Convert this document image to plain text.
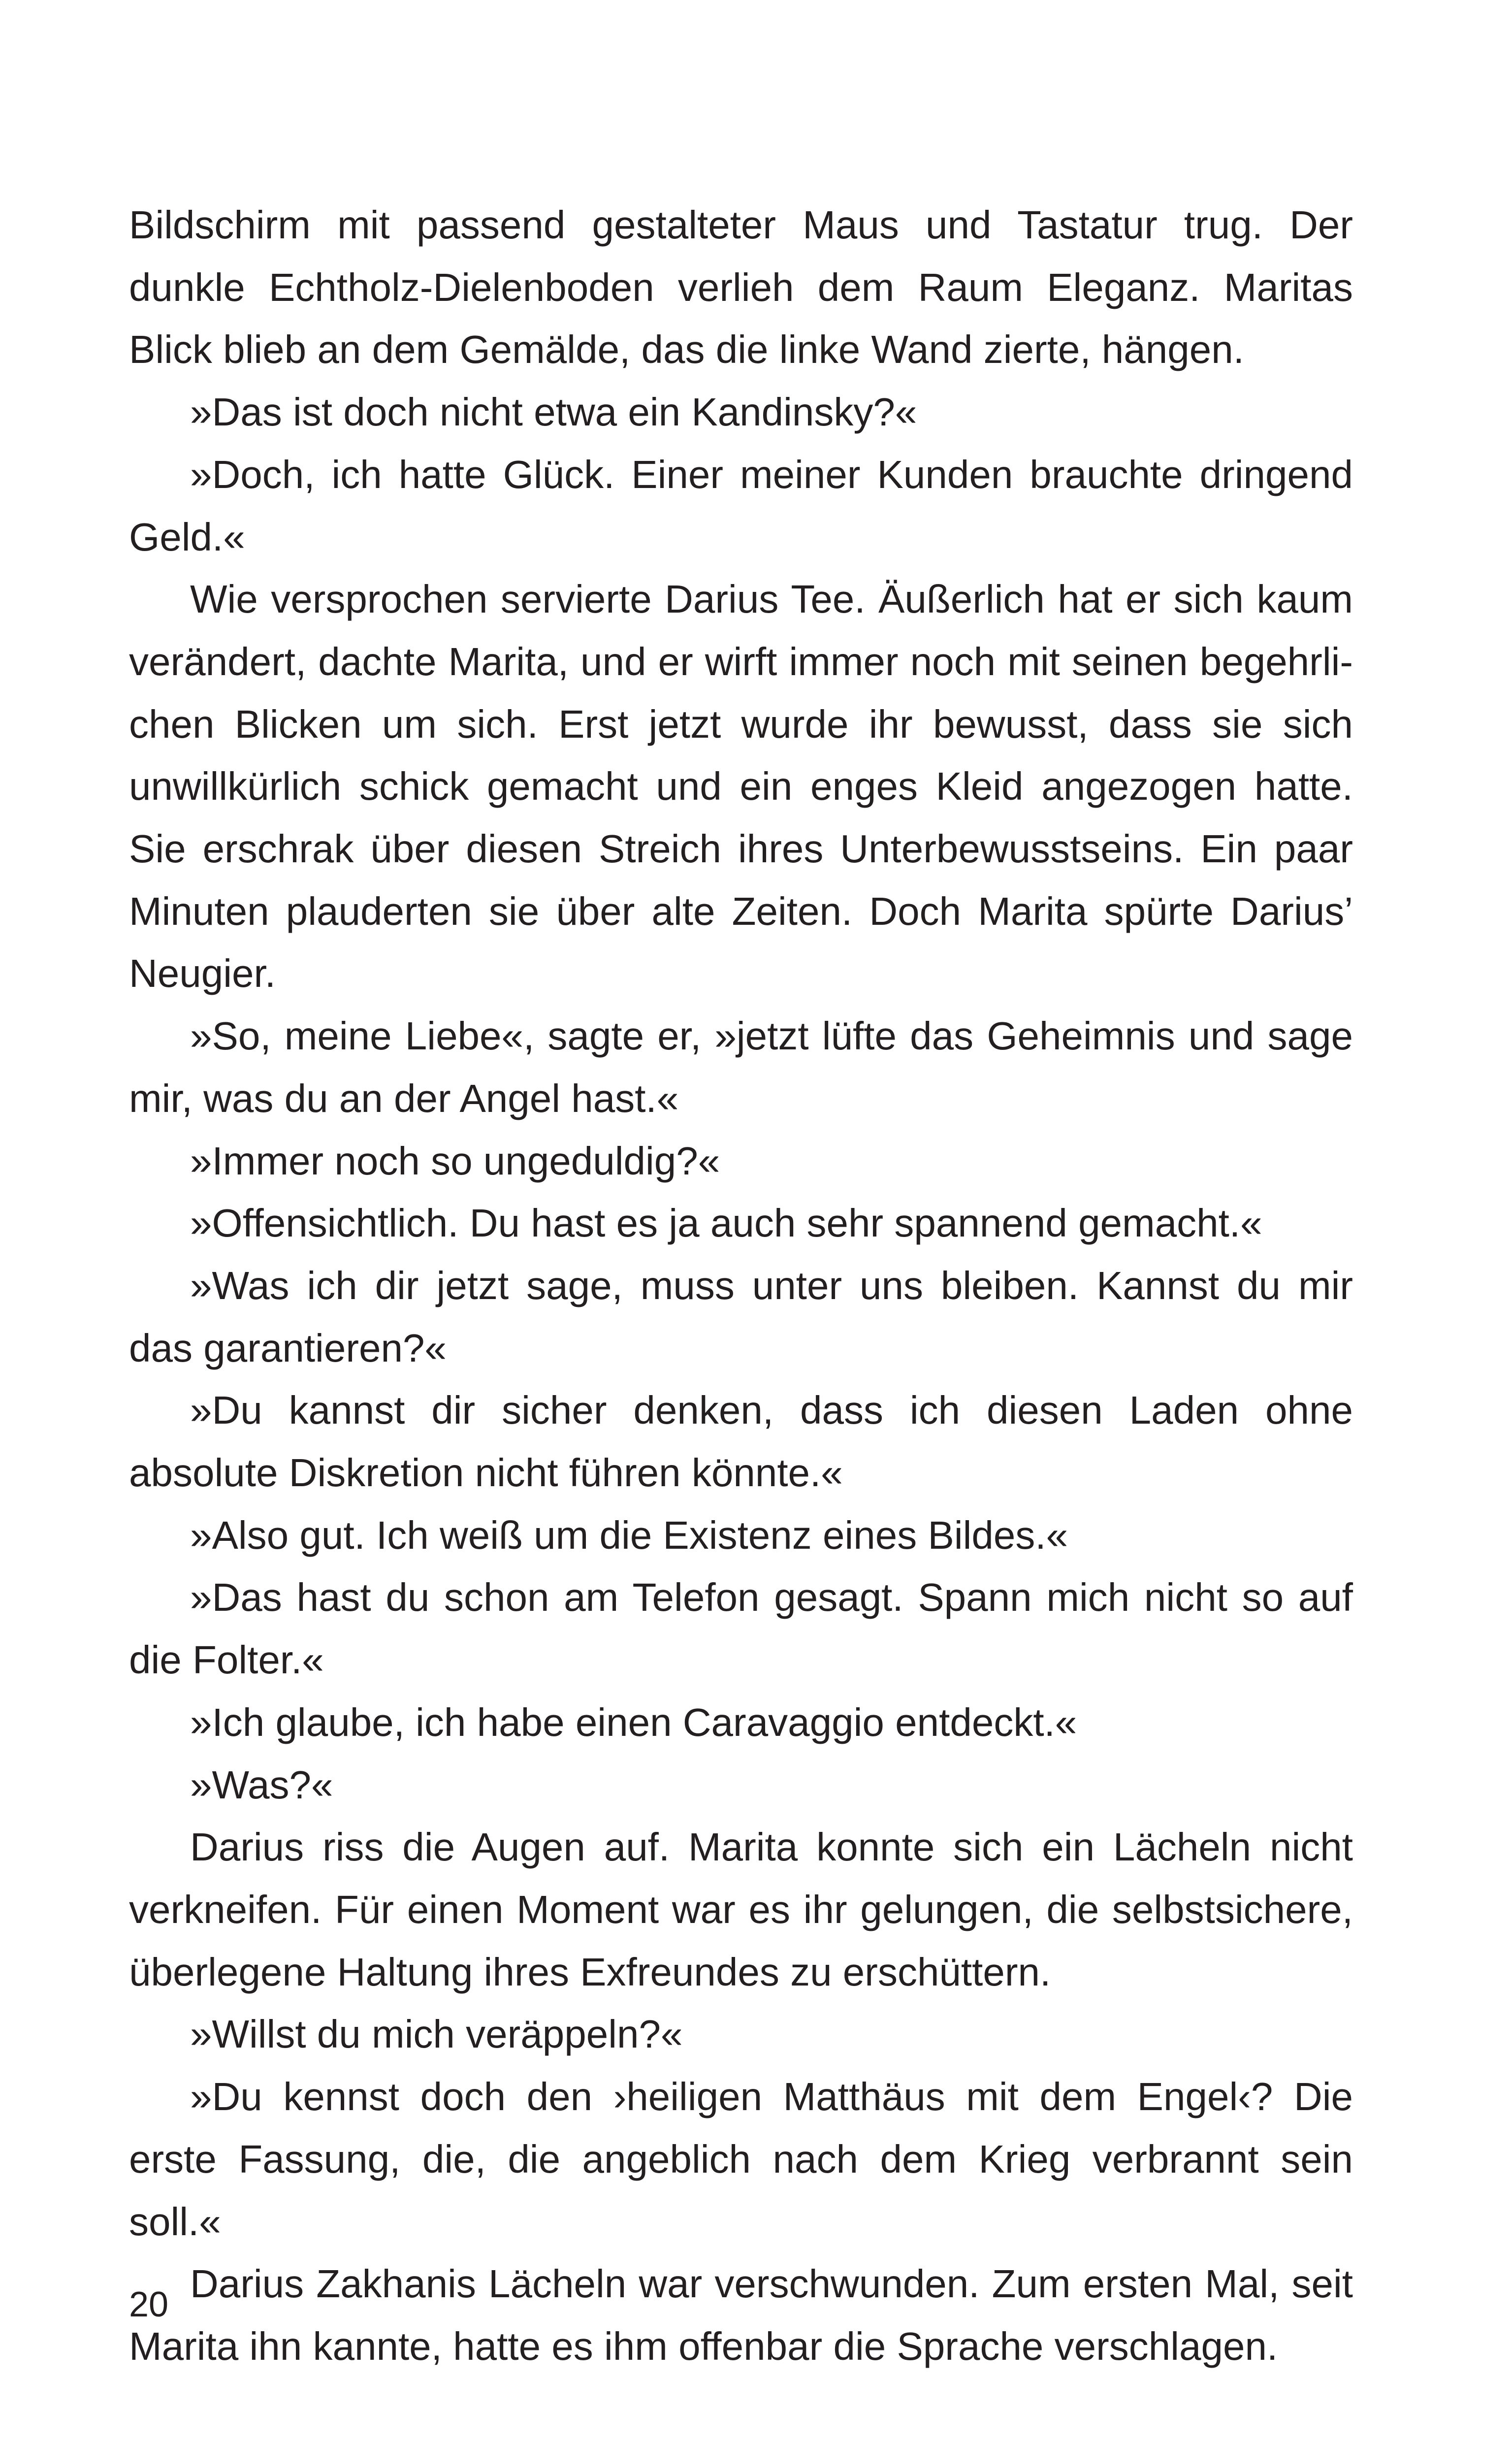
Bildschirm mit passend gestalteter Maus und Tastatur trug. Der dunkle Echtholz-Dielenboden verlieh dem Raum Eleganz. Maritas Blick blieb an dem Gemälde, das die linke Wand zierte, hängen.

»Das ist doch nicht etwa ein Kandinsky?«

»Doch, ich hatte Glück. Einer meiner Kunden brauchte dringend Geld.«

Wie versprochen servierte Darius Tee. Äußerlich hat er sich kaum verändert, dachte Marita, und er wirft immer noch mit seinen begehrlichen Blicken um sich. Erst jetzt wurde ihr bewusst, dass sie sich unwillkürlich schick gemacht und ein enges Kleid angezogen hatte. Sie erschrak über diesen Streich ihres Unterbewusstseins. Ein paar Minuten plauderten sie über alte Zeiten. Doch Marita spürte Darius’ Neugier.

»So, meine Liebe«, sagte er, »jetzt lüfte das Geheimnis und sage mir, was du an der Angel hast.«

»Immer noch so ungeduldig?«

»Offensichtlich. Du hast es ja auch sehr spannend gemacht.«

»Was ich dir jetzt sage, muss unter uns bleiben. Kannst du mir das garantieren?«

»Du kannst dir sicher denken, dass ich diesen Laden ohne absolute Diskretion nicht führen könnte.«

»Also gut. Ich weiß um die Existenz eines Bildes.«

»Das hast du schon am Telefon gesagt. Spann mich nicht so auf die Folter.«

»Ich glaube, ich habe einen Caravaggio entdeckt.«

»Was?«

Darius riss die Augen auf. Marita konnte sich ein Lächeln nicht verkneifen. Für einen Moment war es ihr gelungen, die selbstsichere, überlegene Haltung ihres Exfreundes zu erschüttern.

»Willst du mich veräppeln?«

»Du kennst doch den ›heiligen Matthäus mit dem Engel‹? Die erste Fassung, die, die angeblich nach dem Krieg verbrannt sein soll.«

Darius Zakhanis Lächeln war verschwunden. Zum ersten Mal, seit Marita ihn kannte, hatte es ihm offenbar die Sprache verschlagen.

20
